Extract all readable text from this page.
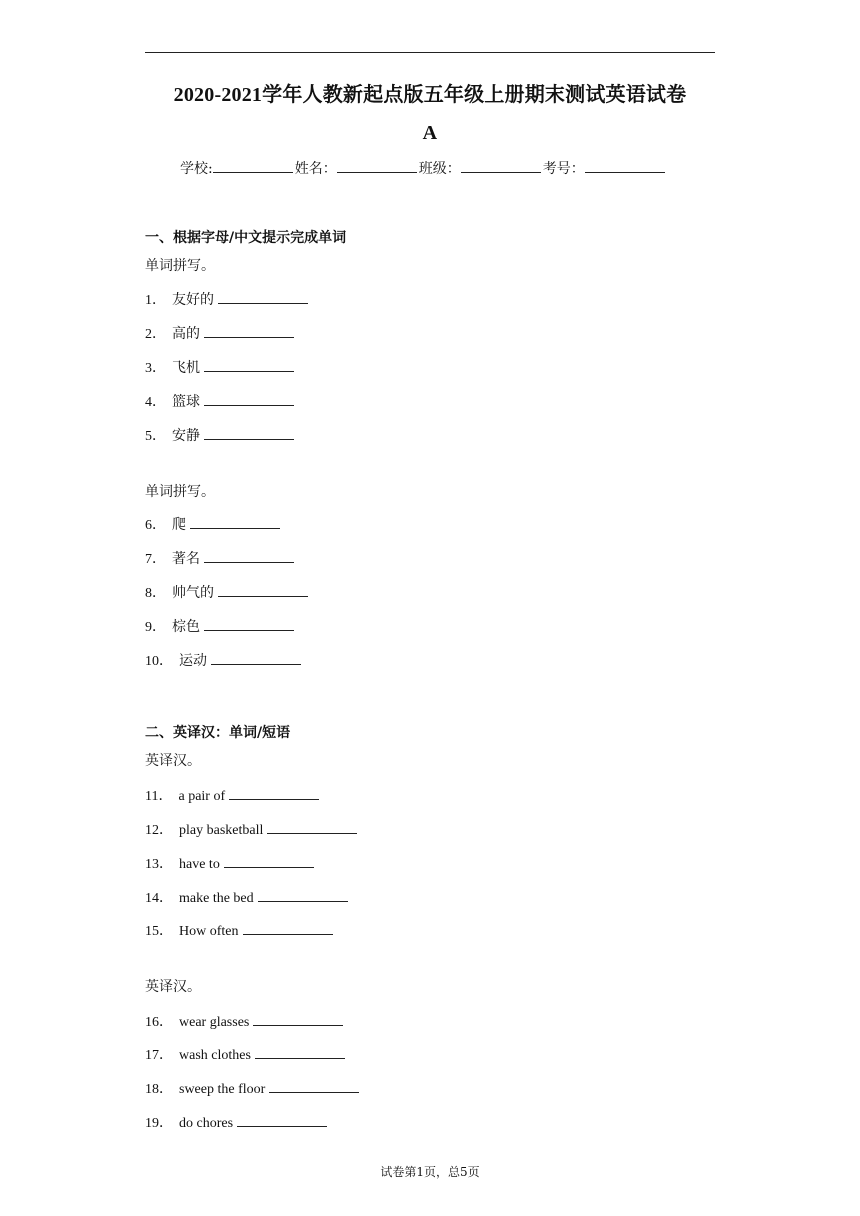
2020-2021学年人教新起点版五年级上册期末测试英语试卷
A
学校:	姓名：	班级：	考号：
一、根据字母/中文提示完成单词
单词拼写。
1． 友好的
2． 高的
3． 飞机
4． 篮球
5． 安静
单词拼写。
6． 爬
7． 著名
8． 帅气的
9． 棕色
10． 运动
二、英译汉：单词/短语
英译汉。
11． a pair of
12． play basketball
13． have to
14． make the bed
15． How often
英译汉。
16． wear glasses
17． wash clothes
18． sweep the floor
19． do chores
试卷第1页，总5页
